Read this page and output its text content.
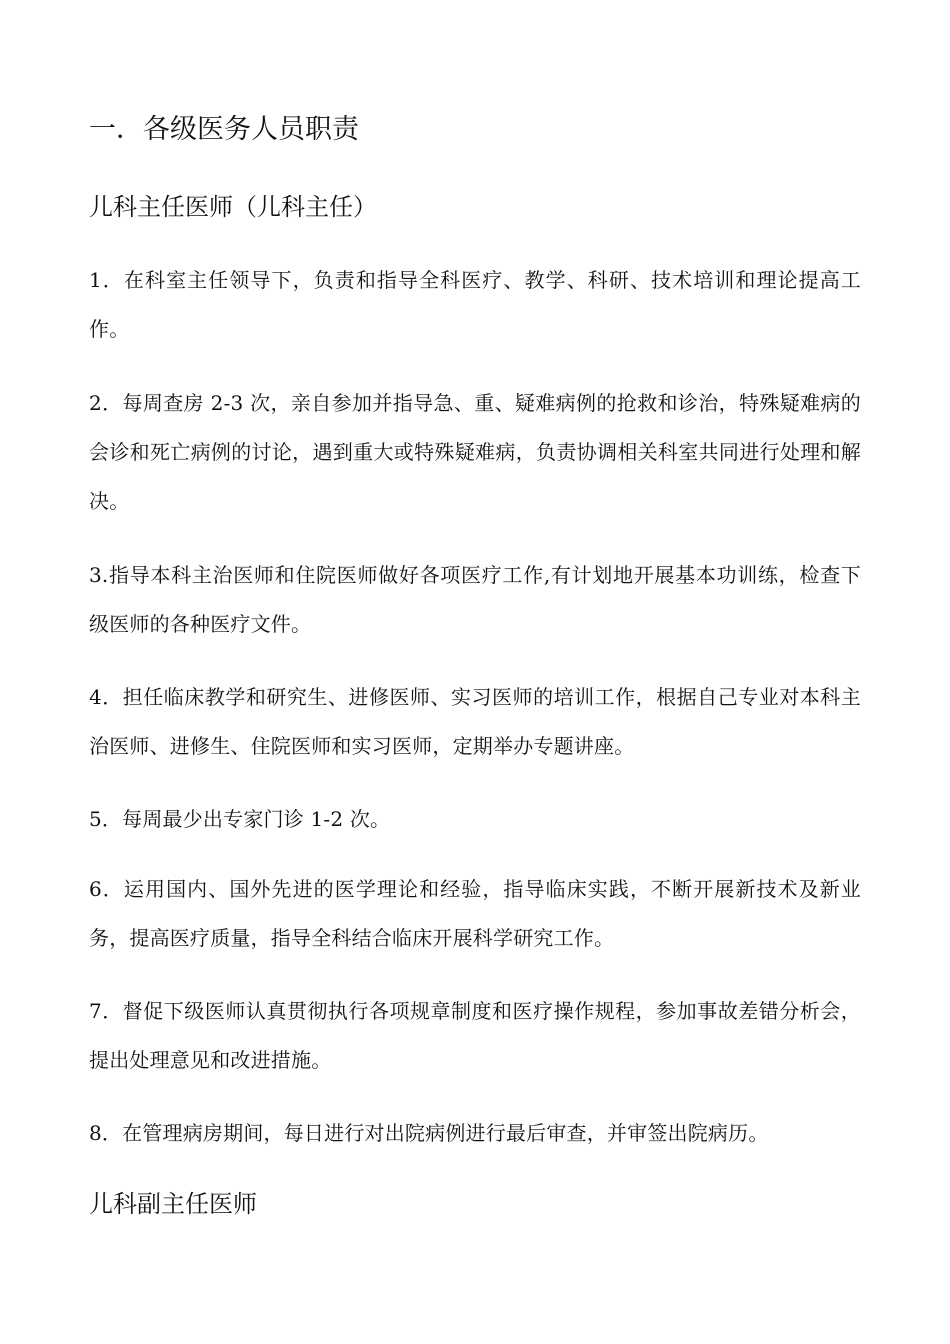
一．各级医务人员职责
儿科主任医师（儿科主任）

1．在科室主任领导下，负责和指导全科医疗、教学、科研、技术培训和理论提高工作。

2．每周查房 2-3 次，亲自参加并指导急、重、疑难病例的抢救和诊治，特殊疑难病的会诊和死亡病例的讨论，遇到重大或特殊疑难病，负责协调相关科室共同进行处理和解决。

3.指导本科主治医师和住院医师做好各项医疗工作,有计划地开展基本功训练，检查下级医师的各种医疗文件。

4．担任临床教学和研究生、进修医师、实习医师的培训工作，根据自己专业对本科主治医师、进修生、住院医师和实习医师，定期举办专题讲座。

5．每周最少出专家门诊 1-2 次。

6．运用国内、国外先进的医学理论和经验，指导临床实践，不断开展新技术及新业务，提高医疗质量，指导全科结合临床开展科学研究工作。

7．督促下级医师认真贯彻执行各项规章制度和医疗操作规程，参加事故差错分析会，提出处理意见和改进措施。

8．在管理病房期间，每日进行对出院病例进行最后审查，并审签出院病历。

儿科副主任医师
